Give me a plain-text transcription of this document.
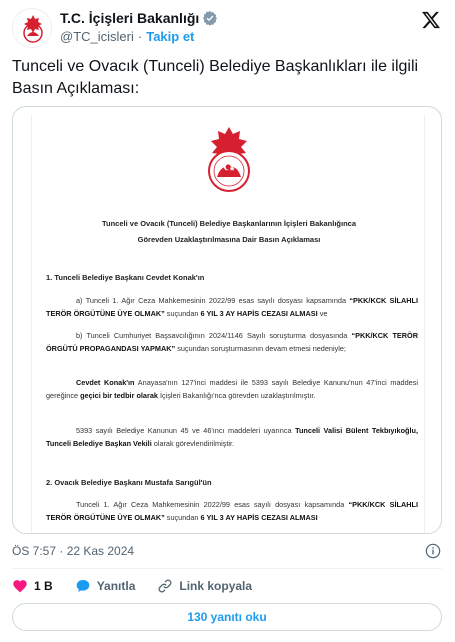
T.C. İçişleri Bakanlığı
@TC_icisleri · Takip et
Tunceli ve Ovacık (Tunceli) Belediye Başkanlıkları ile ilgili Basın Açıklaması:
Tunceli ve Ovacık (Tunceli) Belediye Başkanlarının İçişleri Bakanlığınca
Görevden Uzaklaştırılmasına Dair Basın Açıklaması
1. Tunceli Belediye Başkanı Cevdet Konak'ın
a) Tunceli 1. Ağır Ceza Mahkemesinin 2022/99 esas sayılı dosyası kapsamında “PKK/KCK SİLAHLI TERÖR ÖRGÜTÜNE ÜYE OLMAK” suçundan 6 YIL 3 AY HAPİS CEZASI ALMASI ve
b) Tunceli Cumhuriyet Başsavcılığının 2024/1146 Sayılı soruşturma dosyasında “PKK/KCK TERÖR ÖRGÜTÜ PROPAGANDASI YAPMAK” suçundan soruşturmasının devam etmesi nedeniyle;
Cevdet Konak'ın Anayasa'nın 127'inci maddesi ile 5393 sayılı Belediye Kanunu'nun 47'inci maddesi gereğince geçici bir tedbir olarak İçişleri Bakanlığı'nca görevden uzaklaştırılmıştır.
5393 sayılı Belediye Kanunun 45 ve 46'ıncı maddeleri uyarınca Tunceli Valisi Bülent Tekbıyıkoğlu, Tunceli Belediye Başkan Vekili olarak görevlendirilmiştir.
2. Ovacık Belediye Başkanı Mustafa Sarıgül'ün
Tunceli 1. Ağır Ceza Mahkemesinin 2022/99 esas sayılı dosyası kapsamında “PKK/KCK SİLAHLI TERÖR ÖRGÜTÜNE ÜYE OLMAK” suçundan 6 YIL 3 AY HAPİS CEZASI ALMASI
ÖS 7:57 · 22 Kas 2024
1 B	Yanıtla	Link kopyala
130 yanıtı oku
